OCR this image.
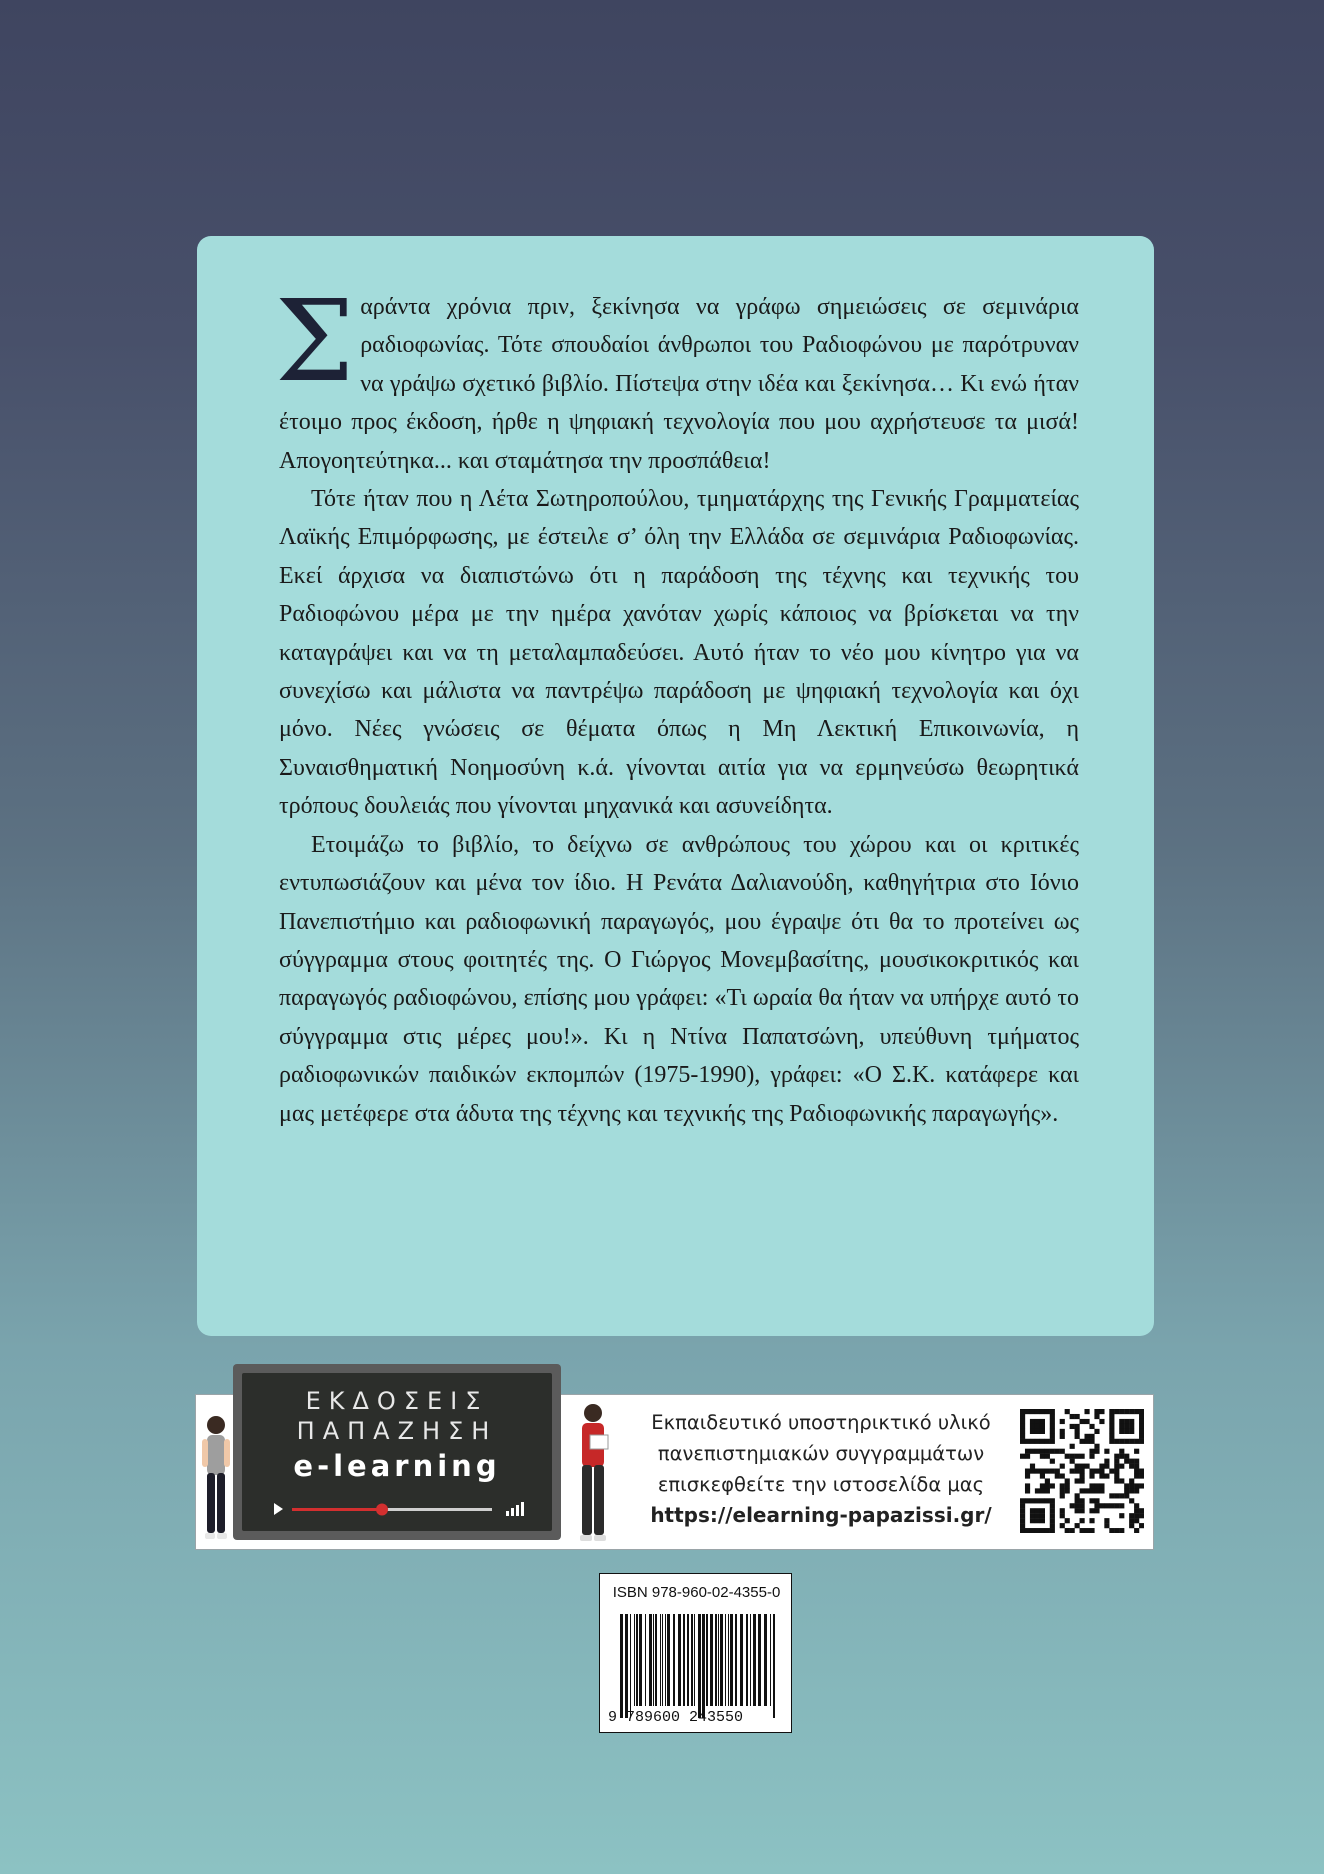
Σαράντα χρόνια πριν, ξεκίνησα να γράφω σημειώσεις σε σεμινάρια ραδιοφωνίας. Τότε σπουδαίοι άνθρωποι του Ραδιοφώνου με παρότρυναν να γράψω σχετικό βιβλίο. Πίστεψα στην ιδέα και ξεκίνησα… Κι ενώ ήταν έτοιμο προς έκδοση, ήρθε η ψηφιακή τεχνολογία που μου αχρήστευσε τα μισά! Απογοητεύτηκα... και σταμάτησα την προσπάθεια!

Τότε ήταν που η Λέτα Σωτηροπούλου, τμηματάρχης της Γενικής Γραμματείας Λαϊκής Επιμόρφωσης, με έστειλε σ’ όλη την Ελλάδα σε σεμινάρια Ραδιοφωνίας. Εκεί άρχισα να διαπιστώνω ότι η παράδοση της τέχνης και τεχνικής του Ραδιοφώνου μέρα με την ημέρα χανόταν χωρίς κάποιος να βρίσκεται να την καταγράψει και να τη μεταλαμπαδεύσει. Αυτό ήταν το νέο μου κίνητρο για να συνεχίσω και μάλιστα να παντρέψω παράδοση με ψηφιακή τεχνολογία και όχι μόνο. Νέες γνώσεις σε θέματα όπως η Μη Λεκτική Επικοινωνία, η Συναισθηματική Νοημοσύνη κ.ά. γίνονται αιτία για να ερμηνεύσω θεωρητικά τρόπους δουλειάς που γίνονται μηχανικά και ασυνείδητα.

Ετοιμάζω το βιβλίο, το δείχνω σε ανθρώπους του χώρου και οι κριτικές εντυπωσιάζουν και μένα τον ίδιο. Η Ρενάτα Δαλιανούδη, καθηγήτρια στο Ιόνιο Πανεπιστήμιο και ραδιοφωνική παραγωγός, μου έγραψε ότι θα το προτείνει ως σύγγραμμα στους φοιτητές της. Ο Γιώργος Μονεμβασίτης, μουσικοκριτικός και παραγωγός ραδιοφώνου, επίσης μου γράφει: «Τι ωραία θα ήταν να υπήρχε αυτό το σύγγραμμα στις μέρες μου!». Κι η Ντίνα Παπατσώνη, υπεύθυνη τμήματος ραδιοφωνικών παιδικών εκπομπών (1975-1990), γράφει: «Ο Σ.Κ. κατάφερε και μας μετέφερε στα άδυτα της τέχνης και τεχνικής της Ραδιοφωνικής παραγωγής».

ΕΚΔΟΣΕΙΣ
ΠΑΠΑΖΗΣΗ
e-learning
Εκπαιδευτικό υποστηρικτικό υλικό
πανεπιστημιακών συγγραμμάτων
επισκεφθείτε την ιστοσελίδα μας
https://elearning-papazissi.gr/
ISBN 978-960-02-4355-0
9 789600 243550
